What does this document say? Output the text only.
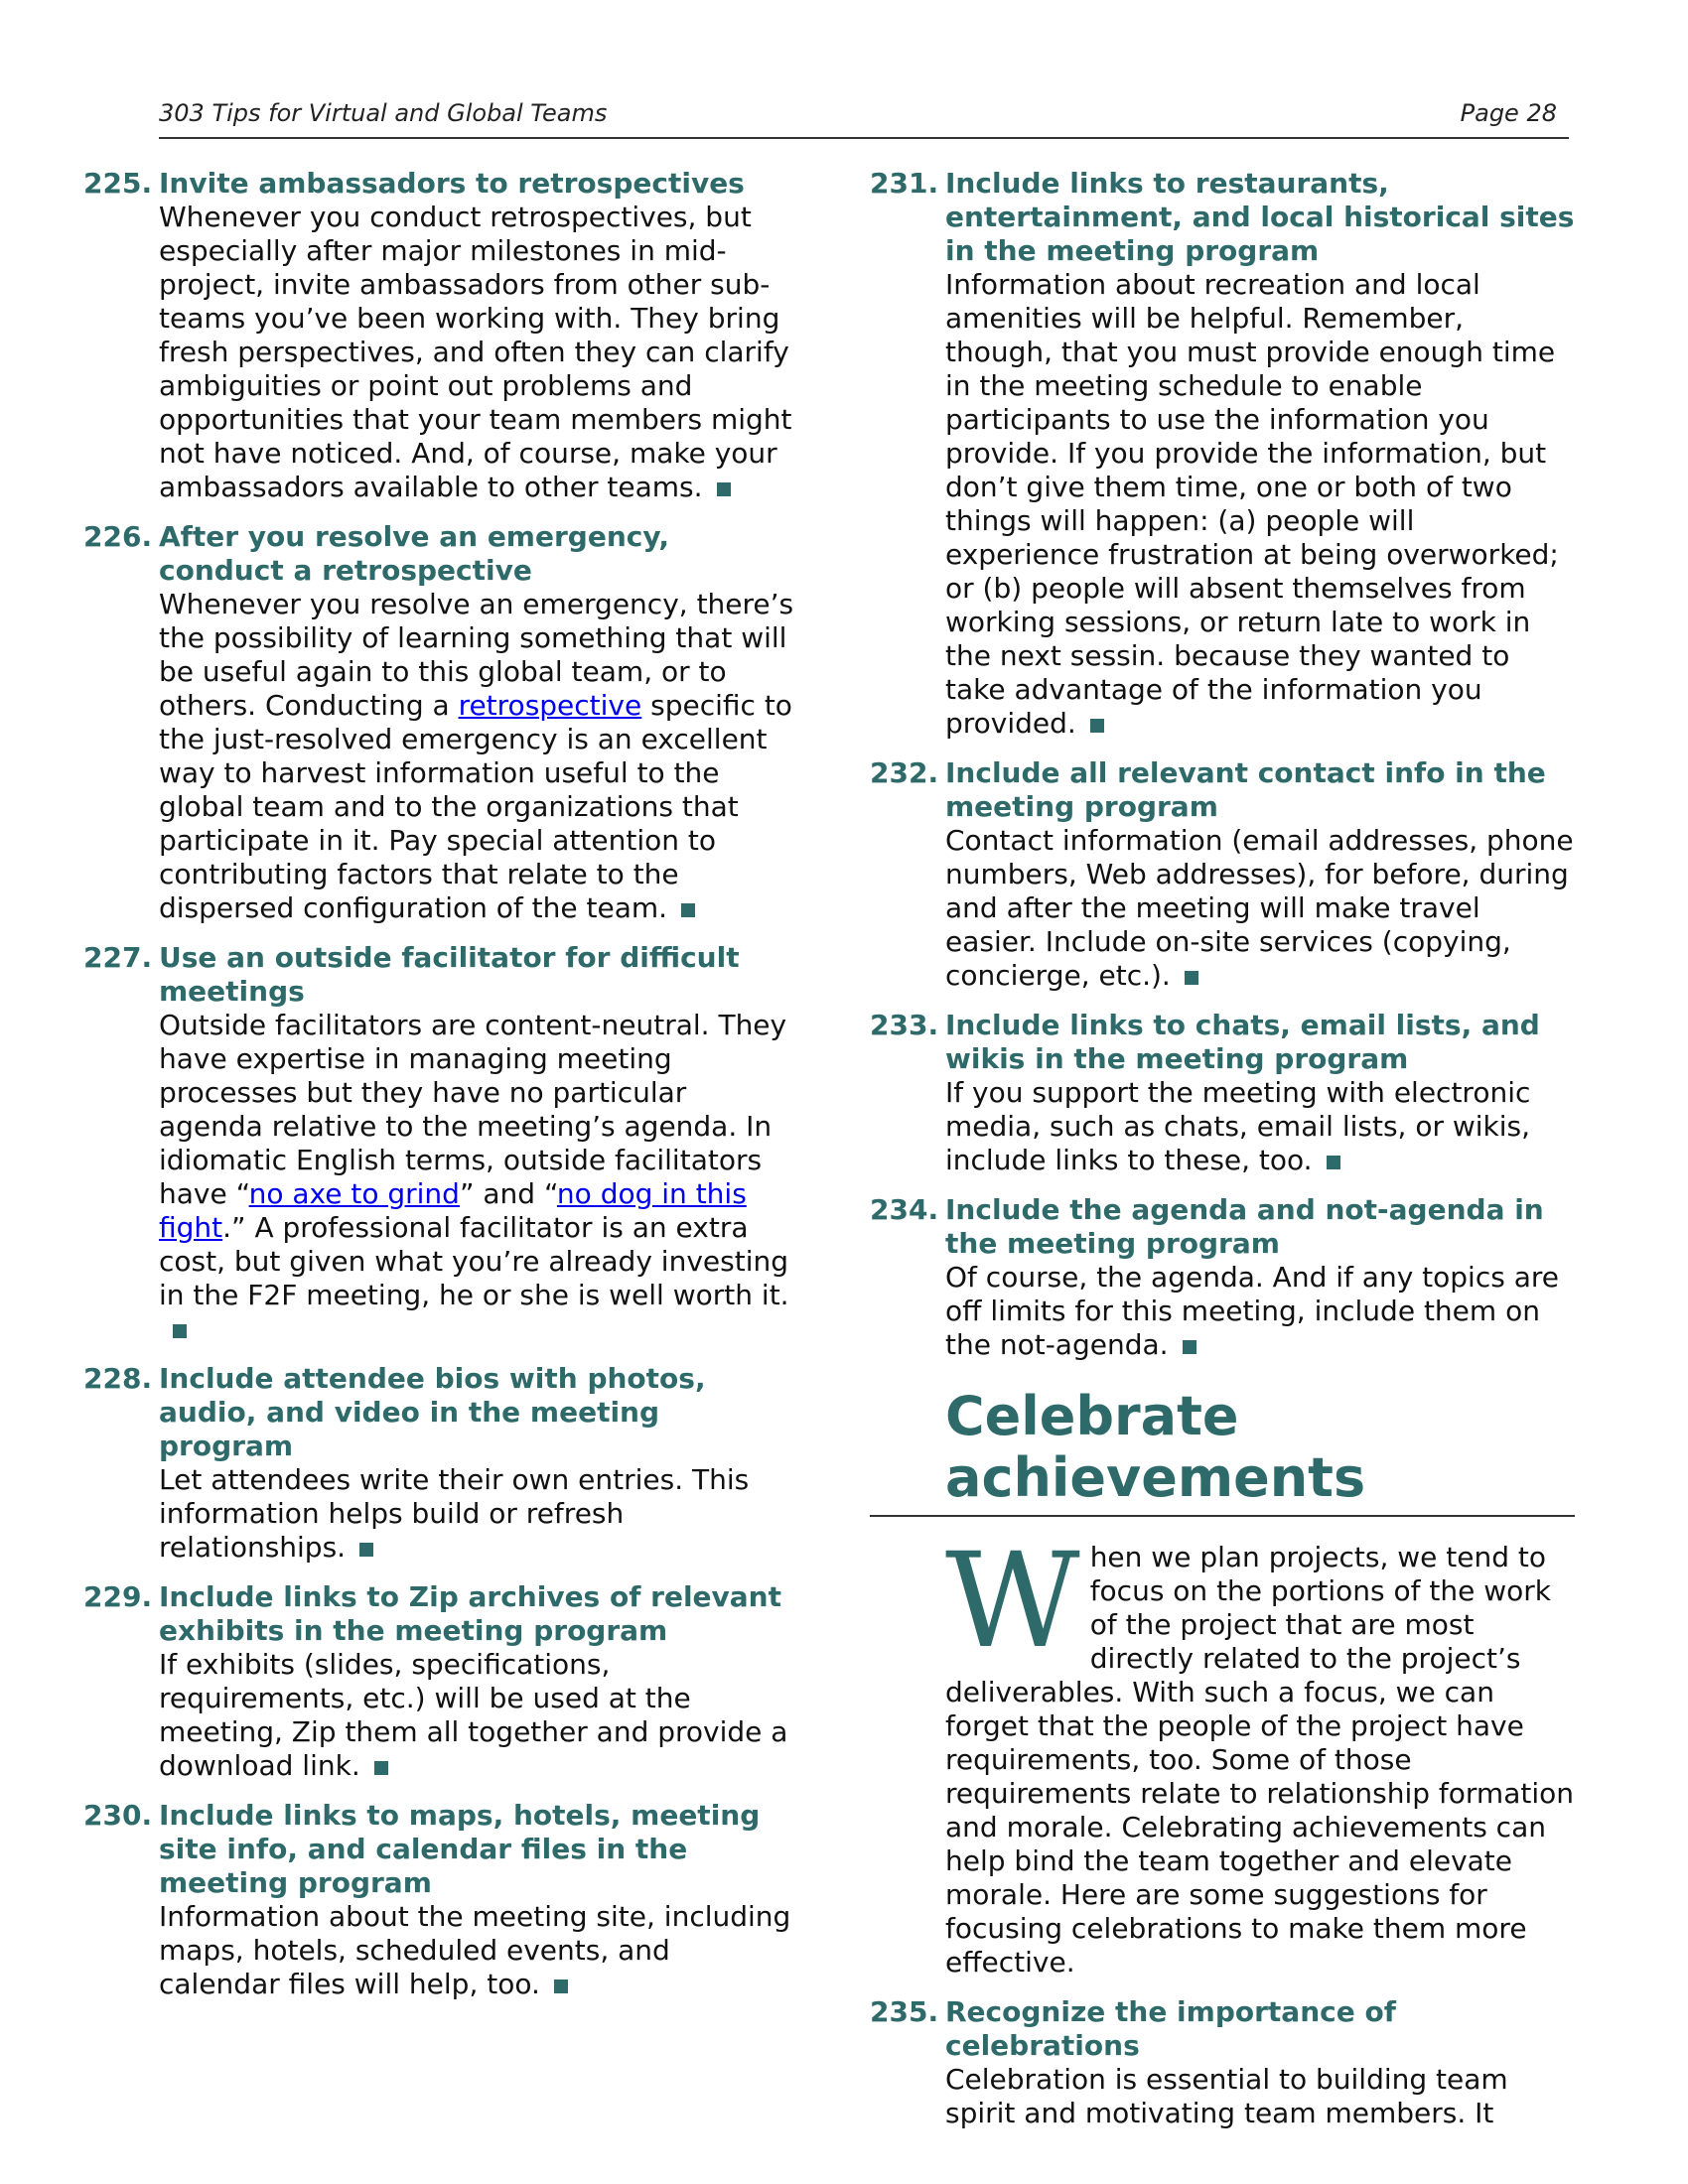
303 Tips for Virtual and Global Teams	Page 28
225. Invite ambassadors to retrospectives
Whenever you conduct retrospectives, but especially after major milestones in mid-project, invite ambassadors from other sub-teams you’ve been working with. They bring fresh perspectives, and often they can clarify ambiguities or point out problems and opportunities that your team members might not have noticed. And, of course, make your ambassadors available to other teams.
226. After you resolve an emergency, conduct a retrospective
Whenever you resolve an emergency, there’s the possibility of learning something that will be useful again to this global team, or to others. Conducting a retrospective specific to the just-resolved emergency is an excellent way to harvest information useful to the global team and to the organizations that participate in it. Pay special attention to contributing factors that relate to the dispersed configuration of the team.
227. Use an outside facilitator for difficult meetings
Outside facilitators are content-neutral. They have expertise in managing meeting processes but they have no particular agenda relative to the meeting’s agenda. In idiomatic English terms, outside facilitators have “no axe to grind” and “no dog in this fight.” A professional facilitator is an extra cost, but given what you’re already investing in the F2F meeting, he or she is well worth it.
228. Include attendee bios with photos, audio, and video in the meeting program
Let attendees write their own entries. This information helps build or refresh relationships.
229. Include links to Zip archives of relevant exhibits in the meeting program
If exhibits (slides, specifications, requirements, etc.) will be used at the meeting, Zip them all together and provide a download link.
230. Include links to maps, hotels, meeting site info, and calendar files in the meeting program
Information about the meeting site, including maps, hotels, scheduled events, and calendar files will help, too.
231. Include links to restaurants, entertainment, and local historical sites in the meeting program
Information about recreation and local amenities will be helpful. Remember, though, that you must provide enough time in the meeting schedule to enable participants to use the information you provide. If you provide the information, but don’t give them time, one or both of two things will happen: (a) people will experience frustration at being overworked; or (b) people will absent themselves from working sessions, or return late to work in the next sessin. because they wanted to take advantage of the information you provided.
232. Include all relevant contact info in the meeting program
Contact information (email addresses, phone numbers, Web addresses), for before, during and after the meeting will make travel easier. Include on-site services (copying, concierge, etc.).
233. Include links to chats, email lists, and wikis in the meeting program
If you support the meeting with electronic media, such as chats, email lists, or wikis, include links to these, too.
234. Include the agenda and not-agenda in the meeting program
Of course, the agenda. And if any topics are off limits for this meeting, include them on the not-agenda.
Celebrate achievements
When we plan projects, we tend to focus on the portions of the work of the project that are most directly related to the project’s deliverables. With such a focus, we can forget that the people of the project have requirements, too. Some of those requirements relate to relationship formation and morale. Celebrating achievements can help bind the team together and elevate morale. Here are some suggestions for focusing celebrations to make them more effective.
235. Recognize the importance of celebrations
Celebration is essential to building team spirit and motivating team members. It
